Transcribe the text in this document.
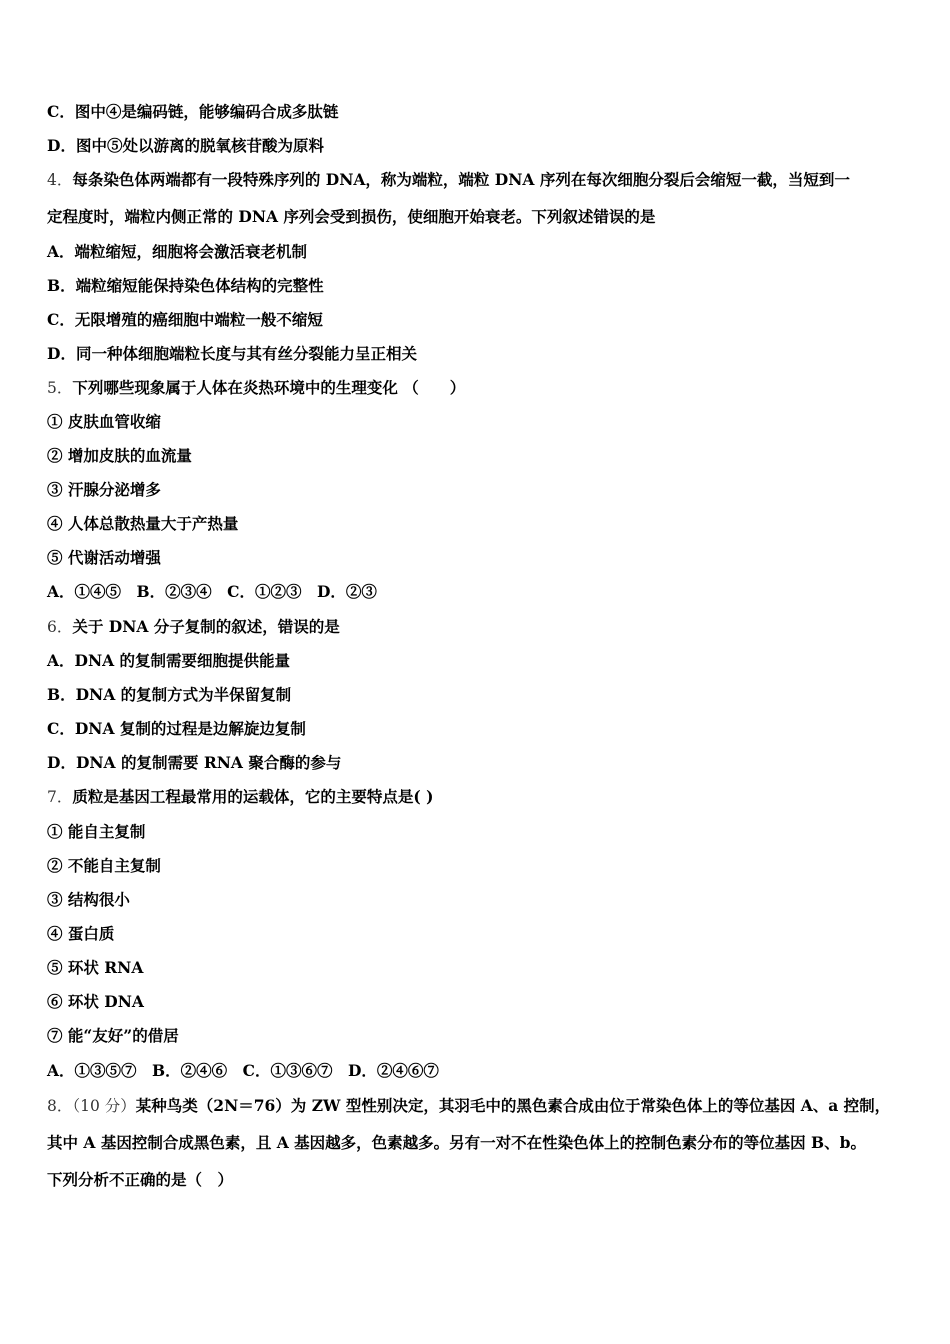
C．图中④是编码链，能够编码合成多肽链
D．图中⑤处以游离的脱氧核苷酸为原料
4．每条染色体两端都有一段特殊序列的 DNA，称为端粒，端粒 DNA 序列在每次细胞分裂后会缩短一截，当短到一
定程度时，端粒内侧正常的 DNA 序列会受到损伤，使细胞开始衰老。下列叙述错误的是
A．端粒缩短，细胞将会激活衰老机制
B．端粒缩短能保持染色体结构的完整性
C．无限增殖的癌细胞中端粒一般不缩短
D．同一种体细胞端粒长度与其有丝分裂能力呈正相关
5．下列哪些现象属于人体在炎热环境中的生理变化 （　　）
① 皮肤血管收缩
② 增加皮肤的血流量
③ 汗腺分泌增多
④ 人体总散热量大于产热量
⑤ 代谢活动增强
A．①④⑤　B．②③④　C．①②③　D．②③
6．关于 DNA 分子复制的叙述，错误的是
A．DNA 的复制需要细胞提供能量
B．DNA 的复制方式为半保留复制
C．DNA 复制的过程是边解旋边复制
D．DNA 的复制需要 RNA 聚合酶的参与
7．质粒是基因工程最常用的运载体，它的主要特点是( )
① 能自主复制
② 不能自主复制
③ 结构很小
④ 蛋白质
⑤ 环状 RNA
⑥ 环状 DNA
⑦ 能“友好”的借居
A．①③⑤⑦　B．②④⑥　C．①③⑥⑦　D．②④⑥⑦
8．（10 分）某种鸟类（2N＝76）为 ZW 型性别决定，其羽毛中的黑色素合成由位于常染色体上的等位基因 A、a 控制，
其中 A 基因控制合成黑色素，且 A 基因越多，色素越多。另有一对不在性染色体上的控制色素分布的等位基因 B、b。
下列分析不正确的是（　）
